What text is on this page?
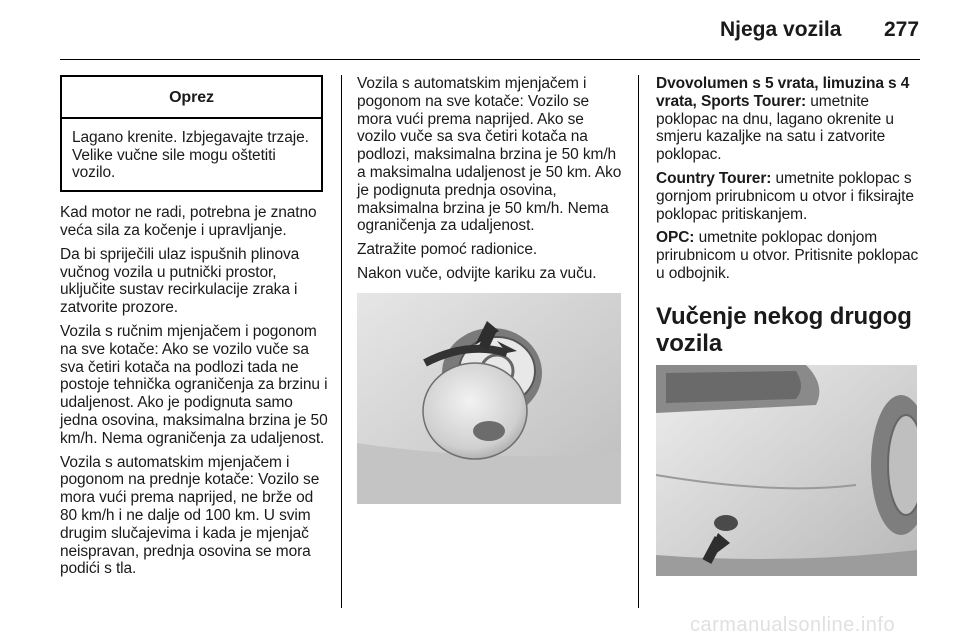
Njega vozila 277
Oprez
Lagano krenite. Izbjegavajte trzaje. Velike vučne sile mogu oštetiti vozilo.

Kad motor ne radi, potrebna je znatno veća sila za kočenje i upravljanje.

Da bi spriječili ulaz ispušnih plinova vučnog vozila u putnički prostor, uključite sustav recirkulacije zraka i zatvorite prozore.

Vozila s ručnim mjenjačem i pogonom na sve kotače: Ako se vozilo vuče sa sva četiri kotača na podlozi tada ne postoje tehnička ograničenja za brzinu i udaljenost. Ako je podignuta samo jedna osovina, maksimalna brzina je 50 km/h. Nema ograničenja za udaljenost.

Vozila s automatskim mjenjačem i pogonom na prednje kotače: Vozilo se mora vući prema naprijed, ne brže od 80 km/h i ne dalje od 100 km. U svim drugim slučajevima i kada je mjenjač neispravan, prednja osovina se mora podići s tla.

Vozila s automatskim mjenjačem i pogonom na sve kotače: Vozilo se mora vući prema naprijed. Ako se vozilo vuče sa sva četiri kotača na podlozi, maksimalna brzina je 50 km/h a maksimalna udaljenost je 50 km. Ako je podignuta prednja osovina, maksimalna brzina je 50 km/h. Nema ograničenja za udaljenost.

Zatražite pomoć radionice.

Nakon vuče, odvijte kariku za vuču.

Dvovolumen s 5 vrata, limuzina s 4 vrata, Sports Tourer: umetnite poklopac na dnu, lagano okrenite u smjeru kazaljke na satu i zatvorite poklopac.

Country Tourer: umetnite poklopac s gornjom prirubnicom u otvor i fiksirajte poklopac pritiskanjem.

OPC: umetnite poklopac donjom prirubnicom u otvor. Pritisnite poklopac u odbojnik.

Vučenje nekog drugog vozila
carmanualsonline.info
